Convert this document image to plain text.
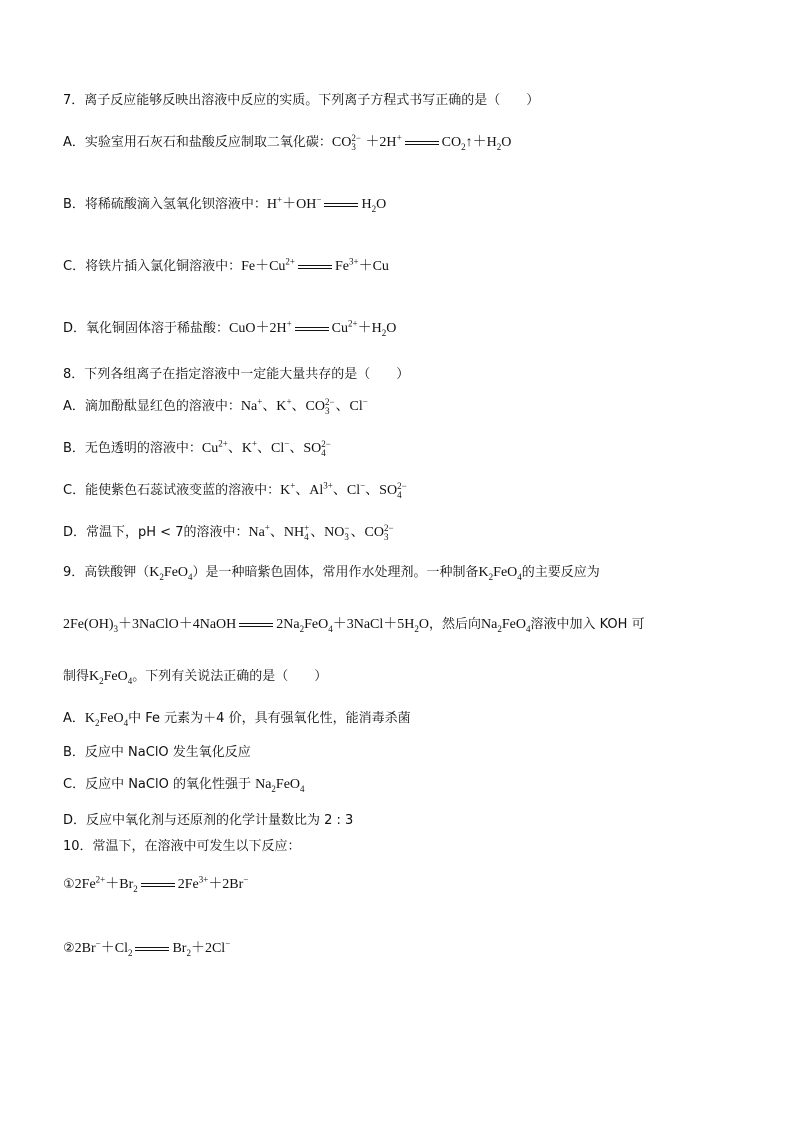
7．离子反应能够反映出溶液中反应的实质。下列离子方程式书写正确的是（　　）
A．实验室用石灰石和盐酸反应制取二氧化碳：CO 2−
3 ＋2H+	$CO_2↑+H_2O$
B．将稀硫酸滴入氢氧化钡溶液中：H+＋OH−	$H_2O$
C．将铁片插入氯化铜溶液中：$Fe+Cu^{2+}$	$Fe^{3+}+Cu$
D．氧化铜固体溶于稀盐酸：CuO＋2H+	$Cu^{2+}+H_2O$
8．下列各组离子在指定溶液中一定能大量共存的是（　　）
A．滴加酚酞显红色的溶液中：Na+、K+、CO 2−
3 、Cl−
B．无色透明的溶液中：$Cu^{2+}$、K+、Cl−、SO 2−
4
C．能使紫色石蕊试液变蓝的溶液中：K+、$Al^{3+}$、Cl−、SO 2−
4
D．常温下，pH < 7的溶液中：Na+、NH +
4 、NO −
3 、CO 2−
3
9．高铁酸钾$(K_2FeO_4)$是一种暗紫色固体，常用作水处理剂。一种制备$K_2FeO_4$的主要反应为
$2Fe(OH)_3+3NaClO+4NaOH$	$2Na_2FeO_4+3NaCl+5H_2O$，然后向$Na_2FeO_4$溶液中加入 KOH 可
制得$K_2FeO_4$。下列有关说法正确的是（　　）
A．$K_2FeO_4$中 Fe 元素为＋4 价，具有强氧化性，能消毒杀菌
B．反应中 NaClO 发生氧化反应
C．反应中 NaClO 的氧化性强于 $Na_2FeO_4$
D．反应中氧化剂与还原剂的化学计量数比为 2 : 3
10．常温下，在溶液中可发生以下反应：
$①2Fe^{2+}+Br_2$	$2Fe^{3+}+2Br^-$
$②2Br^-+Cl_2$	$Br_2+2Cl^-$
